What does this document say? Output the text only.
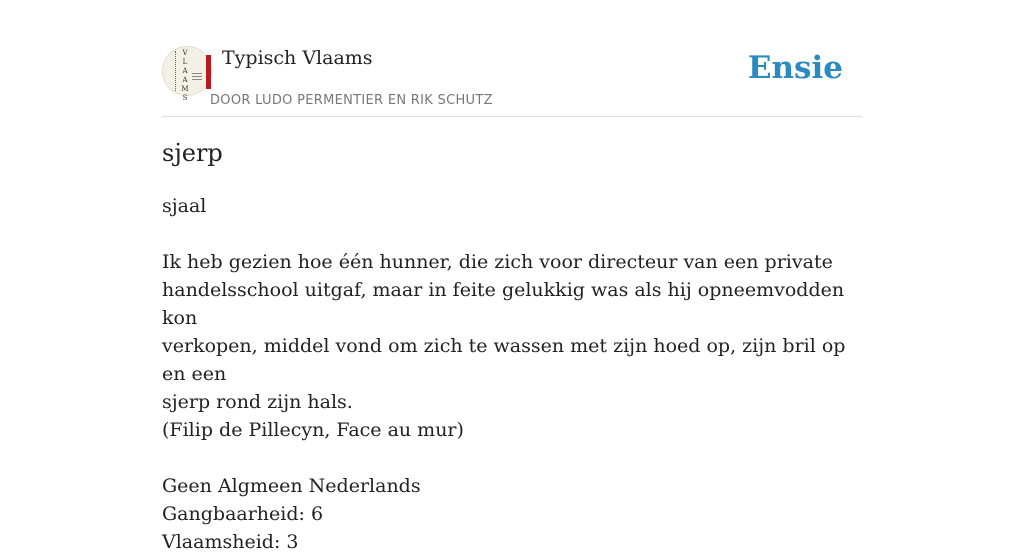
V
L
A
A
M
S
Typisch Vlaams
DOOR LUDO PERMENTIER EN RIK SCHUTZ
Ensie
sjerp

sjaal

Ik heb gezien hoe één hunner, die zich voor directeur van een private

handelsschool uitgaf, maar in feite gelukkig was als hij opneemvodden kon

verkopen, middel vond om zich te wassen met zijn hoed op, zijn bril op en een

sjerp rond zijn hals.

(Filip de Pillecyn, Face au mur)

Geen Algmeen Nederlands

Gangbaarheid: 6

Vlaamsheid: 3
